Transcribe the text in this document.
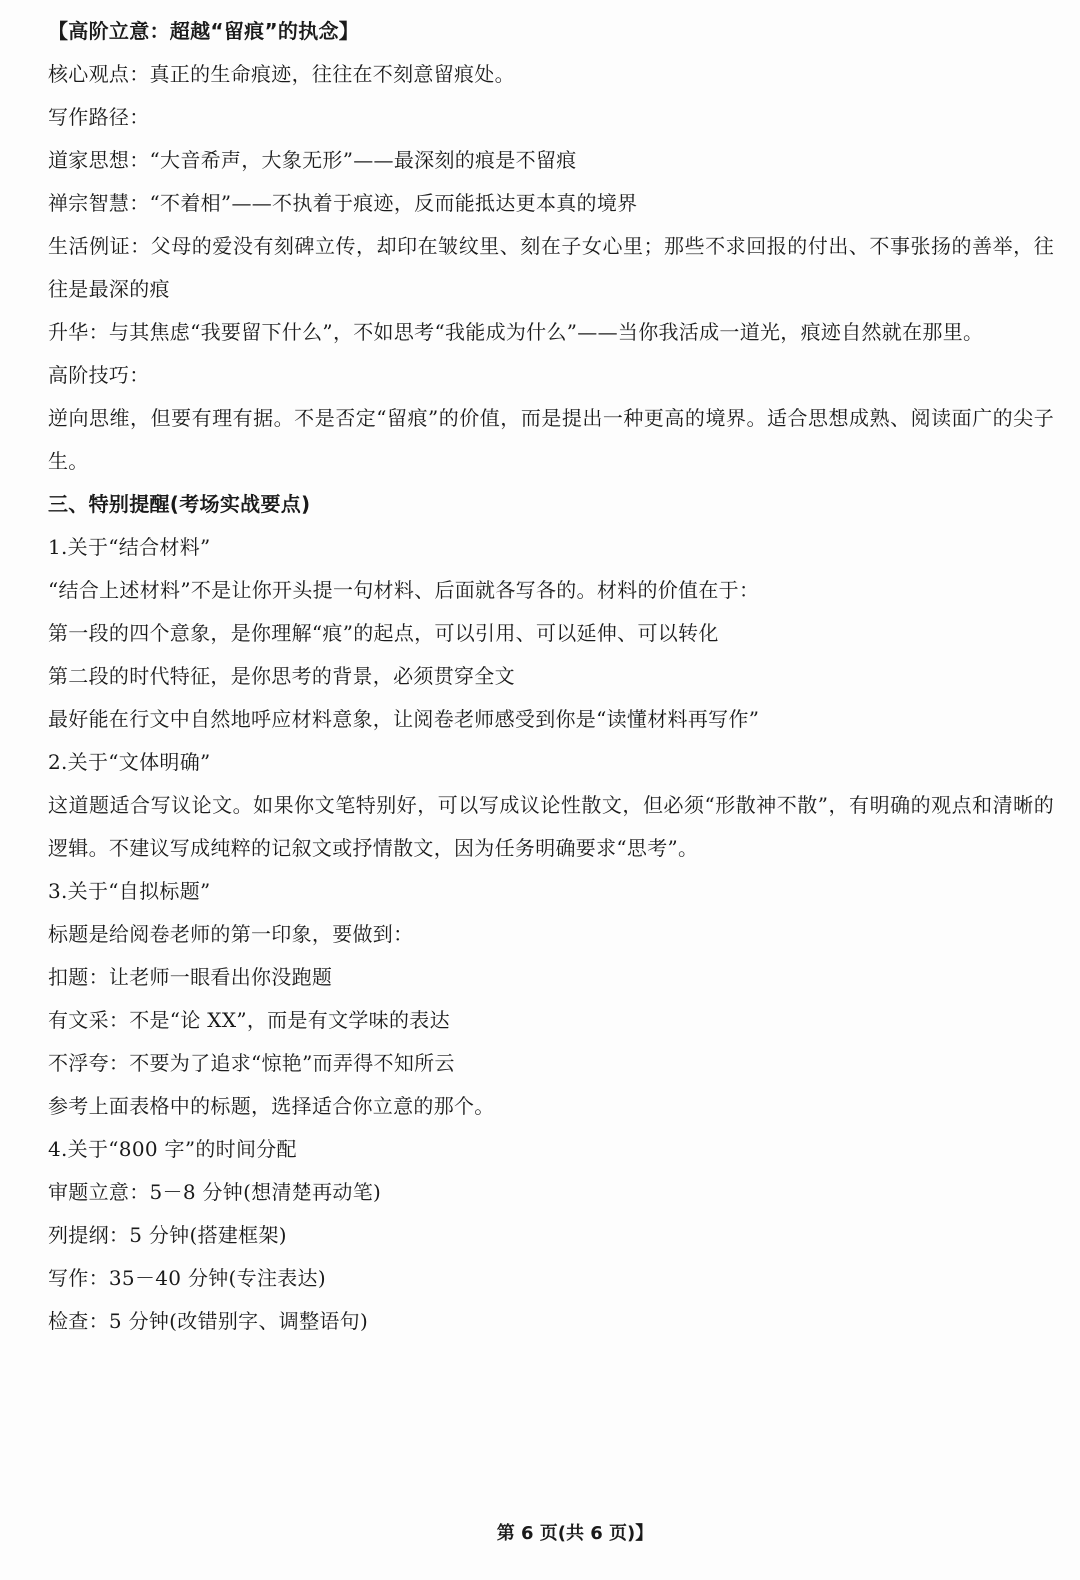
【高阶立意：超越“留痕”的执念】
核心观点：真正的生命痕迹，往往在不刻意留痕处。
写作路径：
道家思想：“大音希声，大象无形”——最深刻的痕是不留痕
禅宗智慧：“不着相”——不执着于痕迹，反而能抵达更本真的境界
生活例证：父母的爱没有刻碑立传，却印在皱纹里、刻在子女心里；那些不求回报的付出、不事张扬的善举，往往是最深的痕
升华：与其焦虑“我要留下什么”，不如思考“我能成为什么”——当你我活成一道光，痕迹自然就在那里。
高阶技巧：
逆向思维，但要有理有据。不是否定“留痕”的价值，而是提出一种更高的境界。适合思想成熟、阅读面广的尖子生。
三、特别提醒(考场实战要点)
1.关于“结合材料”
“结合上述材料”不是让你开头提一句材料、后面就各写各的。材料的价值在于：
第一段的四个意象，是你理解“痕”的起点，可以引用、可以延伸、可以转化
第二段的时代特征，是你思考的背景，必须贯穿全文
最好能在行文中自然地呼应材料意象，让阅卷老师感受到你是“读懂材料再写作”
2.关于“文体明确”
这道题适合写议论文。如果你文笔特别好，可以写成议论性散文，但必须“形散神不散”，有明确的观点和清晰的逻辑。不建议写成纯粹的记叙文或抒情散文，因为任务明确要求“思考”。
3.关于“自拟标题”
标题是给阅卷老师的第一印象，要做到：
扣题：让老师一眼看出你没跑题
有文采：不是“论 XX”，而是有文学味的表达
不浮夸：不要为了追求“惊艳”而弄得不知所云
参考上面表格中的标题，选择适合你立意的那个。
4.关于“800 字”的时间分配
审题立意：5－8 分钟(想清楚再动笔)
列提纲：5 分钟(搭建框架)
写作：35－40 分钟(专注表达)
检查：5 分钟(改错别字、调整语句)
第 6 页(共 6 页)】
